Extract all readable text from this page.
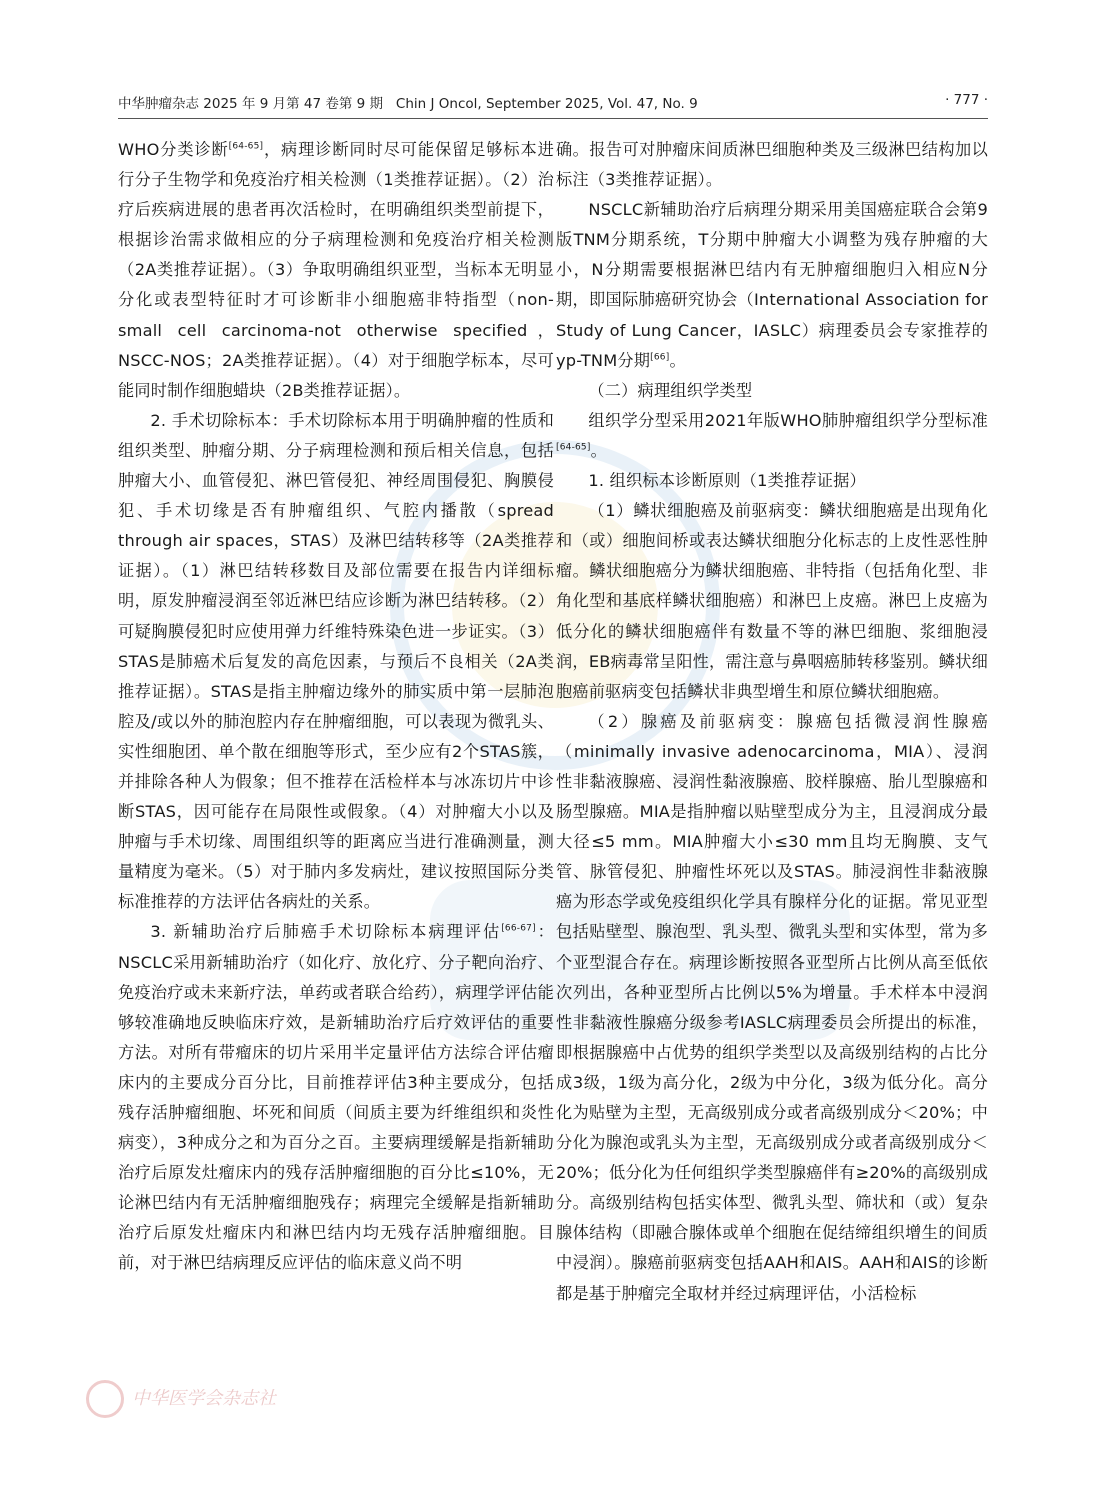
中华肿瘤杂志 2025 年 9 月第 47 卷第 9 期 Chin J Oncol, September 2025, Vol. 47, No. 9	· 777 ·

WHO分类诊断[64-65]，病理诊断同时尽可能保留足够标本进行分子生物学和免疫治疗相关检测（1类推荐证据）。（2）治疗后疾病进展的患者再次活检时，在明确组织类型前提下，根据诊治需求做相应的分子病理检测和免疫治疗相关检测（2A类推荐证据）。（3）争取明确组织亚型，当标本无明显分化或表型特征时才可诊断非小细胞癌非特指型（non-small cell carcinoma-not otherwise specified，NSCC-NOS；2A类推荐证据）。（4）对于细胞学标本，尽可能同时制作细胞蜡块（2B类推荐证据）。

2. 手术切除标本：手术切除标本用于明确肿瘤的性质和组织类型、肿瘤分期、分子病理检测和预后相关信息，包括肿瘤大小、血管侵犯、淋巴管侵犯、神经周围侵犯、胸膜侵犯、手术切缘是否有肿瘤组织、气腔内播散（spread through air spaces，STAS）及淋巴结转移等（2A类推荐证据）。（1）淋巴结转移数目及部位需要在报告内详细标明，原发肿瘤浸润至邻近淋巴结应诊断为淋巴结转移。（2）可疑胸膜侵犯时应使用弹力纤维特殊染色进一步证实。（3）STAS是肺癌术后复发的高危因素，与预后不良相关（2A类推荐证据）。STAS是指主肿瘤边缘外的肺实质中第一层肺泡腔及/或以外的肺泡腔内存在肿瘤细胞，可以表现为微乳头、实性细胞团、单个散在细胞等形式，至少应有2个STAS簇，并排除各种人为假象；但不推荐在活检样本与冰冻切片中诊断STAS，因可能存在局限性或假象。（4）对肿瘤大小以及肿瘤与手术切缘、周围组织等的距离应当进行准确测量，测量精度为毫米。（5）对于肺内多发病灶，建议按照国际分类标准推荐的方法评估各病灶的关系。

3. 新辅助治疗后肺癌手术切除标本病理评估[66-67]：NSCLC采用新辅助治疗（如化疗、放化疗、分子靶向治疗、免疫治疗或未来新疗法，单药或者联合给药），病理学评估能够较准确地反映临床疗效，是新辅助治疗后疗效评估的重要方法。对所有带瘤床的切片采用半定量评估方法综合评估瘤床内的主要成分百分比，目前推荐评估3种主要成分，包括残存活肿瘤细胞、坏死和间质（间质主要为纤维组织和炎性病变），3种成分之和为百分之百。主要病理缓解是指新辅助治疗后原发灶瘤床内的残存活肿瘤细胞的百分比≤10%，无论淋巴结内有无活肿瘤细胞残存；病理完全缓解是指新辅助治疗后原发灶瘤床内和淋巴结内均无残存活肿瘤细胞。目前，对于淋巴结病理反应评估的临床意义尚不明

确。报告可对肿瘤床间质淋巴细胞种类及三级淋巴结构加以标注（3类推荐证据）。

NSCLC新辅助治疗后病理分期采用美国癌症联合会第9版TNM分期系统，T分期中肿瘤大小调整为残存肿瘤的大小，N分期需要根据淋巴结内有无肿瘤细胞归入相应N分期，即国际肺癌研究协会（International Association for Study of Lung Cancer，IASLC）病理委员会专家推荐的yp-TNM分期[66]。

（二）病理组织学类型

组织学分型采用2021年版WHO肺肿瘤组织学分型标准[64-65]。

1. 组织标本诊断原则（1类推荐证据）

（1）鳞状细胞癌及前驱病变：鳞状细胞癌是出现角化和（或）细胞间桥或表达鳞状细胞分化标志的上皮性恶性肿瘤。鳞状细胞癌分为鳞状细胞癌、非特指（包括角化型、非角化型和基底样鳞状细胞癌）和淋巴上皮癌。淋巴上皮癌为低分化的鳞状细胞癌伴有数量不等的淋巴细胞、浆细胞浸润，EB病毒常呈阳性，需注意与鼻咽癌肺转移鉴别。鳞状细胞癌前驱病变包括鳞状非典型增生和原位鳞状细胞癌。

（2）腺癌及前驱病变：腺癌包括微浸润性腺癌（minimally invasive adenocarcinoma，MIA）、浸润性非黏液腺癌、浸润性黏液腺癌、胶样腺癌、胎儿型腺癌和肠型腺癌。MIA是指肿瘤以贴壁型成分为主，且浸润成分最大径≤5 mm。MIA肿瘤大小≤30 mm且均无胸膜、支气管、脉管侵犯、肿瘤性坏死以及STAS。肺浸润性非黏液腺癌为形态学或免疫组织化学具有腺样分化的证据。常见亚型包括贴壁型、腺泡型、乳头型、微乳头型和实体型，常为多个亚型混合存在。病理诊断按照各亚型所占比例从高至低依次列出，各种亚型所占比例以5%为增量。手术样本中浸润性非黏液性腺癌分级参考IASLC病理委员会所提出的标准，即根据腺癌中占优势的组织学类型以及高级别结构的占比分成3级，1级为高分化，2级为中分化，3级为低分化。高分化为贴壁为主型，无高级别成分或者高级别成分＜20%；中分化为腺泡或乳头为主型，无高级别成分或者高级别成分＜20%；低分化为任何组织学类型腺癌伴有≥20%的高级别成分。高级别结构包括实体型、微乳头型、筛状和（或）复杂腺体结构（即融合腺体或单个细胞在促结缔组织增生的间质中浸润）。腺癌前驱病变包括AAH和AIS。AAH和AIS的诊断都是基于肿瘤完全取材并经过病理评估，小活检标

中华医学会杂志社
